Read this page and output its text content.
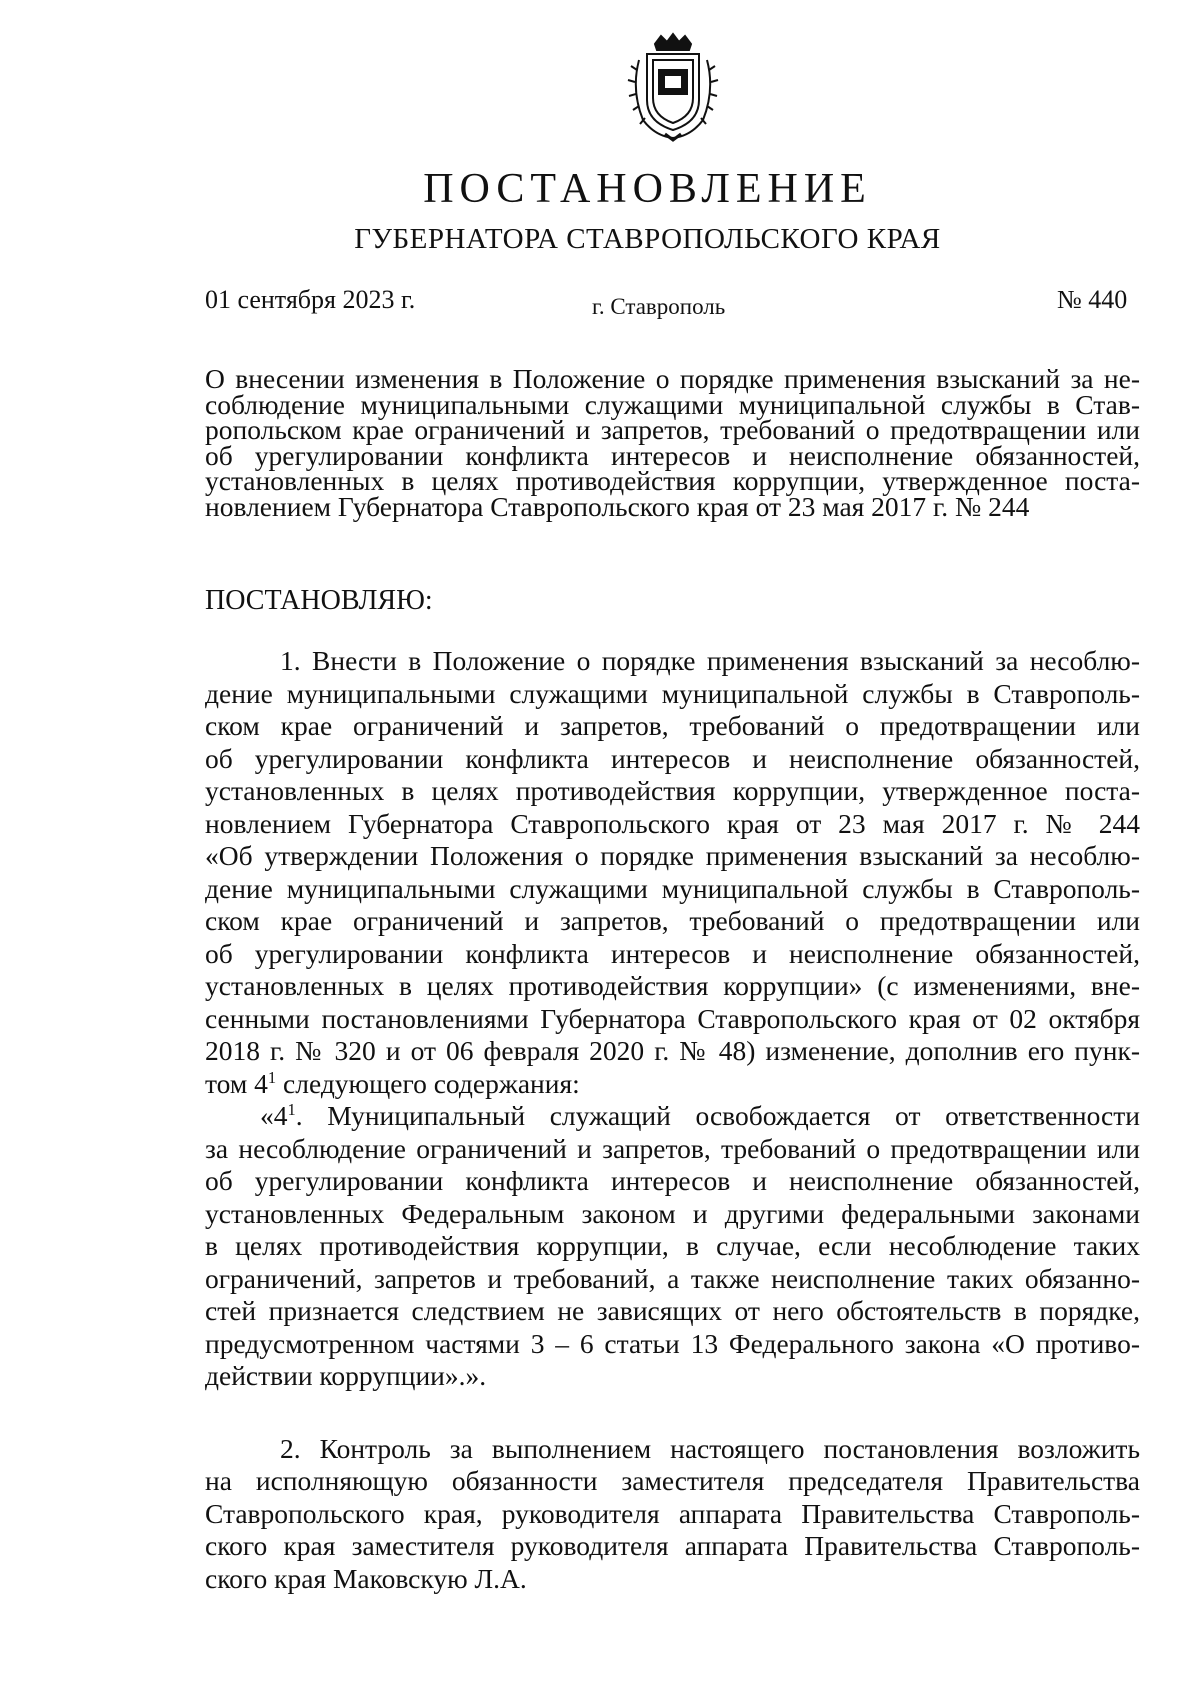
ПОСТАНОВЛЕНИЕ
ГУБЕРНАТОРА СТАВРОПОЛЬСКОГО КРАЯ
01 сентября 2023 г.	г. Ставрополь	№ 440
О внесении изменения в Положение о порядке применения взысканий за не-
соблюдение муниципальными служащими муниципальной службы в Став-
ропольском крае ограничений и запретов, требований о предотвращении или
об урегулировании конфликта интересов и неисполнение обязанностей,
установленных в целях противодействия коррупции, утвержденное поста-
новлением Губернатора Ставропольского края от 23 мая 2017 г. № 244
ПОСТАНОВЛЯЮ:
1. Внести в Положение о порядке применения взысканий за несоблю-
дение муниципальными служащими муниципальной службы в Ставрополь-
ском крае ограничений и запретов, требований о предотвращении или
об урегулировании конфликта интересов и неисполнение обязанностей,
установленных в целях противодействия коррупции, утвержденное поста-
новлением Губернатора Ставропольского края от 23 мая 2017 г. № 244
«Об утверждении Положения о порядке применения взысканий за несоблю-
дение муниципальными служащими муниципальной службы в Ставрополь-
ском крае ограничений и запретов, требований о предотвращении или
об урегулировании конфликта интересов и неисполнение обязанностей,
установленных в целях противодействия коррупции» (с изменениями, вне-
сенными постановлениями Губернатора Ставропольского края от 02 октября
2018 г. № 320 и от 06 февраля 2020 г. № 48) изменение, дополнив его пунк-
том $4^1$ следующего содержания:
«$4^1$. Муниципальный служащий освобождается от ответственности
за несоблюдение ограничений и запретов, требований о предотвращении или
об урегулировании конфликта интересов и неисполнение обязанностей,
установленных Федеральным законом и другими федеральными законами
в целях противодействия коррупции, в случае, если несоблюдение таких
ограничений, запретов и требований, а также неисполнение таких обязанно-
стей признается следствием не зависящих от него обстоятельств в порядке,
предусмотренном частями 3 – 6 статьи 13 Федерального закона «О противо-
действии коррупции».».
2. Контроль за выполнением настоящего постановления возложить
на исполняющую обязанности заместителя председателя Правительства
Ставропольского края, руководителя аппарата Правительства Ставрополь-
ского края заместителя руководителя аппарата Правительства Ставрополь-
ского края Маковскую Л.А.
